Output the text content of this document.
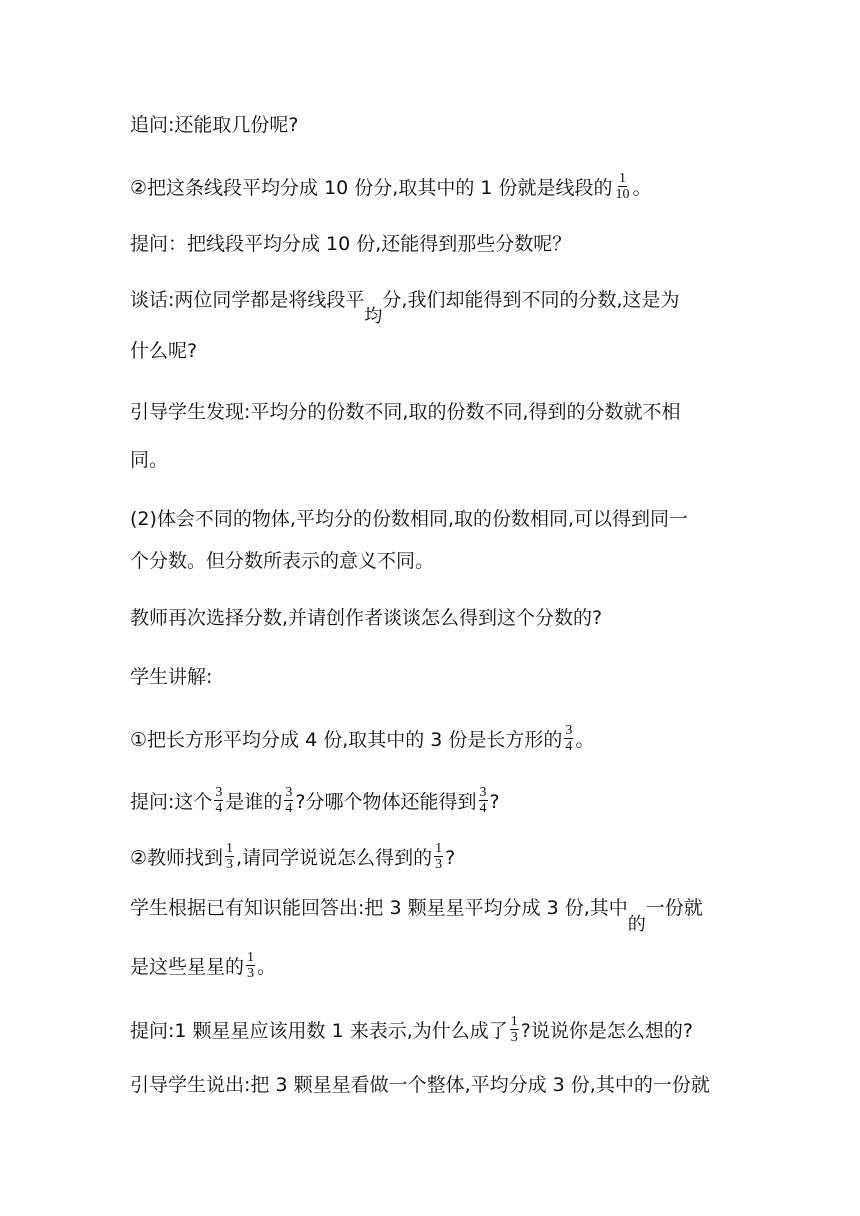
追问:还能取几份呢?
②把这条线段平均分成 10 份分,取其中的 1 份就是线段的 $\frac{1}{10}$ 。
提问：把线段平均分成 10 份,还能得到那些分数呢？
谈话:两位同学都是将线段平均分,我们却能得到不同的分数,这是为
什么呢?
引导学生发现:平均分的份数不同,取的份数不同,得到的分数就不相
同。
(2)体会不同的物体,平均分的份数相同,取的份数相同,可以得到同一
个分数。但分数所表示的意义不同。
教师再次选择分数,并请创作者谈谈怎么得到这个分数的?
学生讲解:
①把长方形平均分成 4 份,取其中的 3 份是长方形的 $\frac{3}{4}$ 。
提问:这个 $\frac{3}{4}$ 是谁的 $\frac{3}{4}$ ?分哪个物体还能得到 $\frac{3}{4}$ ?
②教师找到 $\frac{1}{3}$ ,请同学说说怎么得到的 $\frac{1}{3}$ ?
学生根据已有知识能回答出:把 3 颗星星平均分成 3 份,其中的一份就
是这些星星的 $\frac{1}{3}$ 。
提问:1 颗星星应该用数 1 来表示,为什么成了 $\frac{1}{3}$ ?说说你是怎么想的?
引导学生说出:把 3 颗星星看做一个整体,平均分成 3 份,其中的一份就
